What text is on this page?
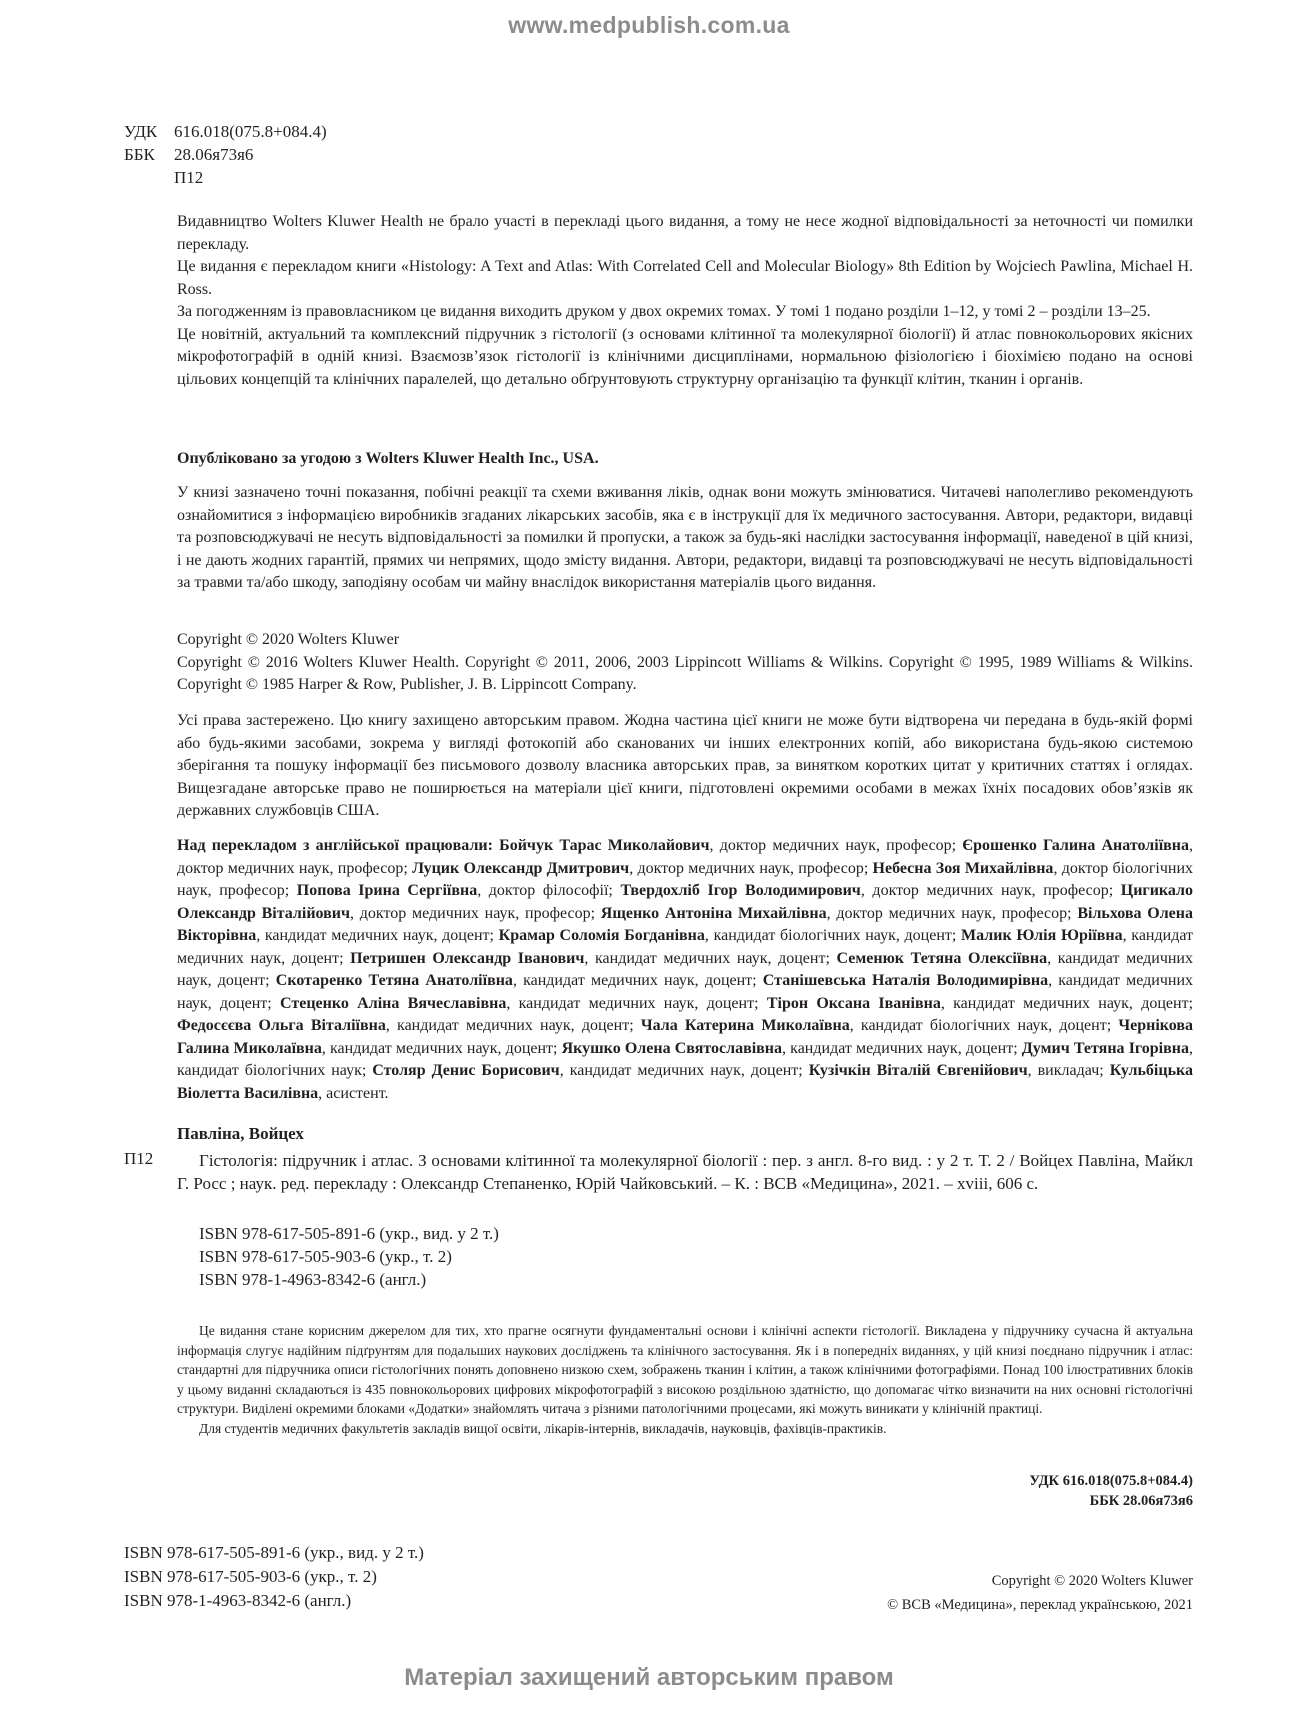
www.medpublish.com.ua
УДК 616.018(075.8+084.4)
ББК	28.06я73я6
П12

Видавництво Wolters Kluwer Health не брало участі в перекладі цього видання, а тому не несе жодної відповідальності за неточності чи помилки перекладу.

Це видання є перекладом книги «Histology: A Text and Atlas: With Correlated Cell and Molecular Biology» 8th Edition by Wojciech Pawlina, Michael H. Ross.

За погодженням із правовласником це видання виходить друком у двох окремих томах. У томі 1 подано розділи 1–12, у томі 2 – розділи 13–25.

Це новітній, актуальний та комплексний підручник з гістології (з основами клітинної та молекулярної біології) й атлас повнокольорових якісних мікрофотографій в одній книзі. Взаємозв’язок гістології із клінічними дисциплінами, нормальною фізіологією і біохімією подано на основі цільових концепцій та клінічних паралелей, що детально обґрунтовують структурну організацію та функції клітин, тканин і органів.

Опубліковано за угодою з Wolters Kluwer Health Inc., USA.
У книзі зазначено точні показання, побічні реакції та схеми вживання ліків, однак вони можуть змінюватися. Читачеві наполегливо рекомендують ознайомитися з інформацією виробників згаданих лікарських засобів, яка є в інструкції для їх медичного застосування. Автори, редактори, видавці та розповсюджувачі не несуть відповідальності за помилки й пропуски, а також за будь-які наслідки застосування інформації, наведеної в цій книзі, і не дають жодних гарантій, прямих чи непрямих, щодо змісту видання. Автори, редактори, видавці та розповсюджувачі не несуть відповідальності за травми та/або шкоду, заподіяну особам чи майну внаслідок використання матеріалів цього видання.

Copyright © 2020 Wolters Kluwer

Copyright © 2016 Wolters Kluwer Health. Copyright © 2011, 2006, 2003 Lippincott Williams & Wilkins. Copyright © 1995, 1989 Williams & Wilkins. Copyright © 1985 Harper & Row, Publisher, J. B. Lippincott Company.

Усі права застережено. Цю книгу захищено авторським правом. Жодна частина цієї книги не може бути відтворена чи передана в будь-якій формі або будь-якими засобами, зокрема у вигляді фотокопій або сканованих чи інших електронних копій, або використана будь-якою системою зберігання та пошуку інформації без письмового дозволу власника авторських прав, за винятком коротких цитат у критичних статтях і оглядах. Вищезгадане авторське право не поширюється на матеріали цієї книги, підготовлені окремими особами в межах їхніх посадових обов’язків як державних службовців США.
Над перекладом з англійської працювали: Бойчук Тарас Миколайович, доктор медичних наук, професор; Єрошенко Галина Анатоліївна, доктор медичних наук, професор; Луцик Олександр Дмитрович, доктор медичних наук, професор; Небесна Зоя Михайлівна, доктор біологічних наук, професор; Попова Ірина Сергіївна, доктор філософії; Твердохліб Ігор Володимирович, доктор медичних наук, професор; Цигикало Олександр Віталійович, доктор медичних наук, професор; Ященко Антоніна Михайлівна, доктор медичних наук, професор; Вільхова Олена Вікторівна, кандидат медичних наук, доцент; Крамар Соломія Богданівна, кандидат біологічних наук, доцент; Малик Юлія Юріївна, кандидат медичних наук, доцент; Петришен Олександр Іванович, кандидат медичних наук, доцент; Семенюк Тетяна Олексіївна, кандидат медичних наук, доцент; Скотаренко Тетяна Анатоліївна, кандидат медичних наук, доцент; Станішевська Наталія Володимирівна, кандидат медичних наук, доцент; Стеценко Аліна Вячеславівна, кандидат медичних наук, доцент; Тірон Оксана Іванівна, кандидат медичних наук, доцент; Федосєєва Ольга Віталіївна, кандидат медичних наук, доцент; Чала Катерина Миколаївна, кандидат біологічних наук, доцент; Чернікова Галина Миколаївна, кандидат медичних наук, доцент; Якушко Олена Святославівна, кандидат медичних наук, доцент; Думич Тетяна Ігорівна, кандидат біологічних наук; Столяр Денис Борисович, кандидат медичних наук, доцент; Кузічкін Віталій Євгенійович, викладач; Кульбіцька Віолетта Василівна, асистент.
Павліна, Войцех
П12	Гістологія: підручник і атлас. З основами клітинної та молекулярної біології : пер. з англ. 8-го вид. : у 2 т. Т. 2 / Войцех Павліна, Майкл Г. Росс ; наук. ред. перекладу : Олександр Степаненко, Юрій Чайковський. – К. : ВСВ «Медицина», 2021. – xviii, 606 с.

ISBN 978-617-505-891-6 (укр., вид. у 2 т.)
ISBN 978-617-505-903-6 (укр., т. 2)
ISBN 978-1-4963-8342-6 (англ.)

Це видання стане корисним джерелом для тих, хто прагне осягнути фундаментальні основи і клінічні аспекти гістології. Викладена у підручнику сучасна й актуальна інформація слугує надійним підґрунтям для подальших наукових досліджень та клінічного застосування. Як і в попередніх виданнях, у цій книзі поєднано підручник і атлас: стандартні для підручника описи гістологічних понять доповнено низкою схем, зображень тканин і клітин, а також клінічними фотографіями. Понад 100 ілюстративних блоків у цьому виданні складаються із 435 повнокольорових цифрових мікрофотографій з високою роздільною здатністю, що допомагає чітко визначити на них основні гістологічні структури. Виділені окремими блоками «Додатки» знайомлять читача з різними патологічними процесами, які можуть виникати у клінічній практиці.

Для студентів медичних факультетів закладів вищої освіти, лікарів-інтернів, викладачів, науковців, фахівців-практиків.

УДК 616.018(075.8+084.4)
ББК 28.06я73я6
ISBN 978-617-505-891-6 (укр., вид. у 2 т.)
ISBN 978-617-505-903-6 (укр., т. 2)
ISBN 978-1-4963-8342-6 (англ.)
Copyright © 2020 Wolters Kluwer
© ВСВ «Медицина», переклад українською, 2021
Матеріал захищений авторським правом
